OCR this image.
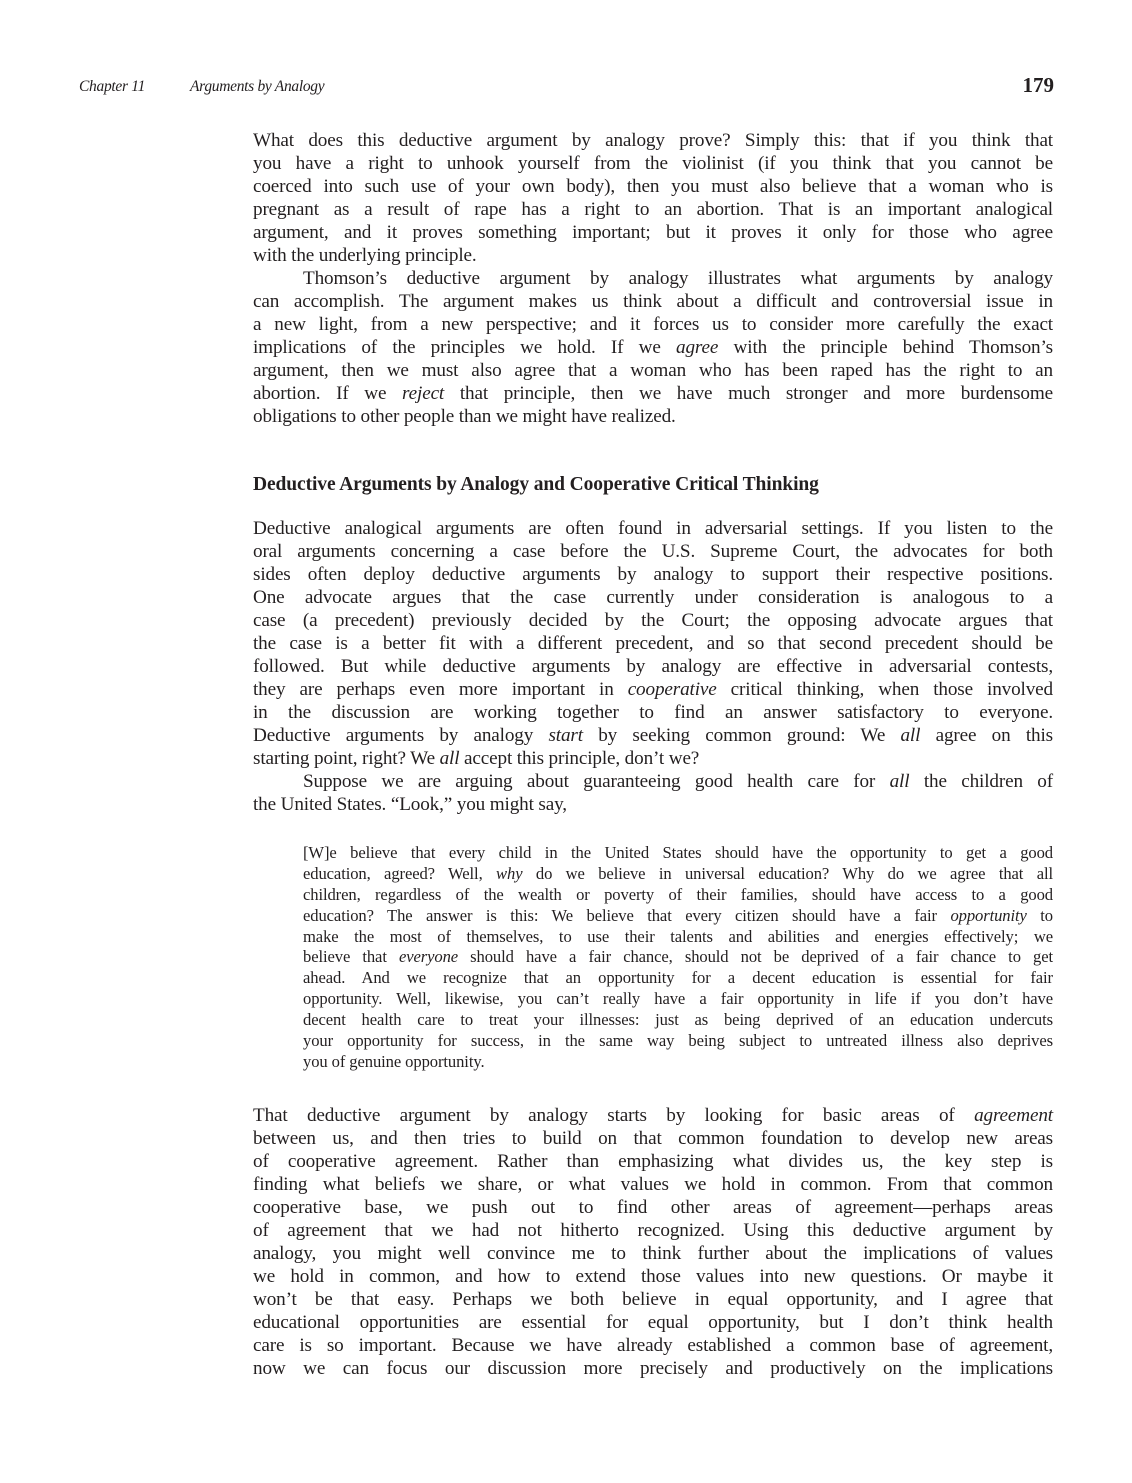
Chapter 11	Arguments by Analogy	179
What does this deductive argument by analogy prove? Simply this: that if you think that
you have a right to unhook yourself from the violinist (if you think that you cannot be
coerced into such use of your own body), then you must also believe that a woman who is
pregnant as a result of rape has a right to an abortion. That is an important analogical
argument, and it proves something important; but it proves it only for those who agree
with the underlying principle.
Thomson’s deductive argument by analogy illustrates what arguments by analogy
can accomplish. The argument makes us think about a difficult and controversial issue in
a new light, from a new perspective; and it forces us to consider more carefully the exact
implications of the principles we hold. If we agree with the principle behind Thomson’s
argument, then we must also agree that a woman who has been raped has the right to an
abortion. If we reject that principle, then we have much stronger and more burdensome
obligations to other people than we might have realized.
Deductive Arguments by Analogy and Cooperative Critical Thinking
Deductive analogical arguments are often found in adversarial settings. If you listen to the
oral arguments concerning a case before the U.S. Supreme Court, the advocates for both
sides often deploy deductive arguments by analogy to support their respective positions.
One advocate argues that the case currently under consideration is analogous to a
case (a precedent) previously decided by the Court; the opposing advocate argues that
the case is a better fit with a different precedent, and so that second precedent should be
followed. But while deductive arguments by analogy are effective in adversarial contests,
they are perhaps even more important in cooperative critical thinking, when those involved
in the discussion are working together to find an answer satisfactory to everyone.
Deductive arguments by analogy start by seeking common ground: We all agree on this
starting point, right? We all accept this principle, don’t we?
Suppose we are arguing about guaranteeing good health care for all the children of
the United States. “Look,” you might say,
[W]e believe that every child in the United States should have the opportunity to get a good
education, agreed? Well, why do we believe in universal education? Why do we agree that all
children, regardless of the wealth or poverty of their families, should have access to a good
education? The answer is this: We believe that every citizen should have a fair opportunity to
make the most of themselves, to use their talents and abilities and energies effectively; we
believe that everyone should have a fair chance, should not be deprived of a fair chance to get
ahead. And we recognize that an opportunity for a decent education is essential for fair
opportunity. Well, likewise, you can’t really have a fair opportunity in life if you don’t have
decent health care to treat your illnesses: just as being deprived of an education undercuts
your opportunity for success, in the same way being subject to untreated illness also deprives
you of genuine opportunity.
That deductive argument by analogy starts by looking for basic areas of agreement
between us, and then tries to build on that common foundation to develop new areas
of cooperative agreement. Rather than emphasizing what divides us, the key step is
finding what beliefs we share, or what values we hold in common. From that common
cooperative base, we push out to find other areas of agreement—perhaps areas
of agreement that we had not hitherto recognized. Using this deductive argument by
analogy, you might well convince me to think further about the implications of values
we hold in common, and how to extend those values into new questions. Or maybe it
won’t be that easy. Perhaps we both believe in equal opportunity, and I agree that
educational opportunities are essential for equal opportunity, but I don’t think health
care is so important. Because we have already established a common base of agreement,
now we can focus our discussion more precisely and productively on the implications
